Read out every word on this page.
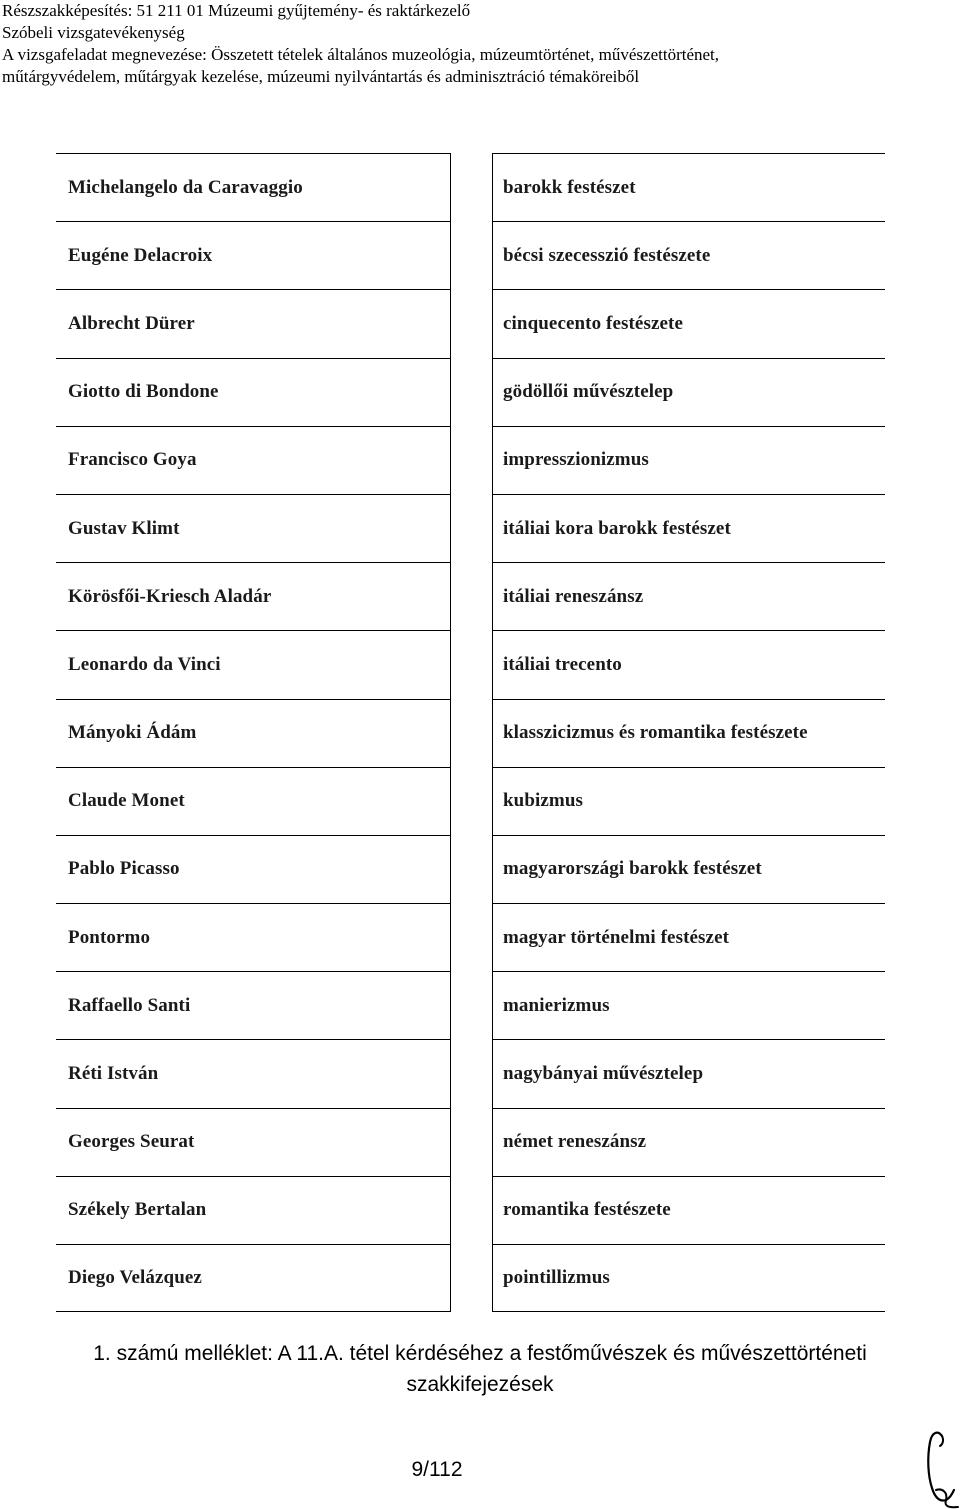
Részszakképesítés: 51 211 01 Múzeumi gyűjtemény- és raktárkezelő
Szóbeli vizsgatevékenység
A vizsgafeladat megnevezése: Összetett tételek általános muzeológia, múzeumtörténet, művészettörténet,
műtárgyvédelem, műtárgyak kezelése, múzeumi nyilvántartás és adminisztráció témaköreiből
Michelangelo da Caravaggio
Eugéne Delacroix
Albrecht Dürer
Giotto di Bondone
Francisco Goya
Gustav Klimt
Körösfői-Kriesch Aladár
Leonardo da Vinci
Mányoki Ádám
Claude Monet
Pablo Picasso
Pontormo
Raffaello Santi
Réti István
Georges Seurat
Székely Bertalan
Diego Velázquez
barokk festészet
bécsi szecesszió festészete
cinquecento festészete
gödöllői művésztelep
impresszionizmus
itáliai kora barokk festészet
itáliai reneszánsz
itáliai trecento
klasszicizmus és romantika festészete
kubizmus
magyarországi barokk festészet
magyar történelmi festészet
manierizmus
nagybányai művésztelep
német reneszánsz
romantika festészete
pointillizmus
1. számú melléklet: A 11.A. tétel kérdéséhez a festőművészek és művészettörténeti
szakkifejezések
9/112
